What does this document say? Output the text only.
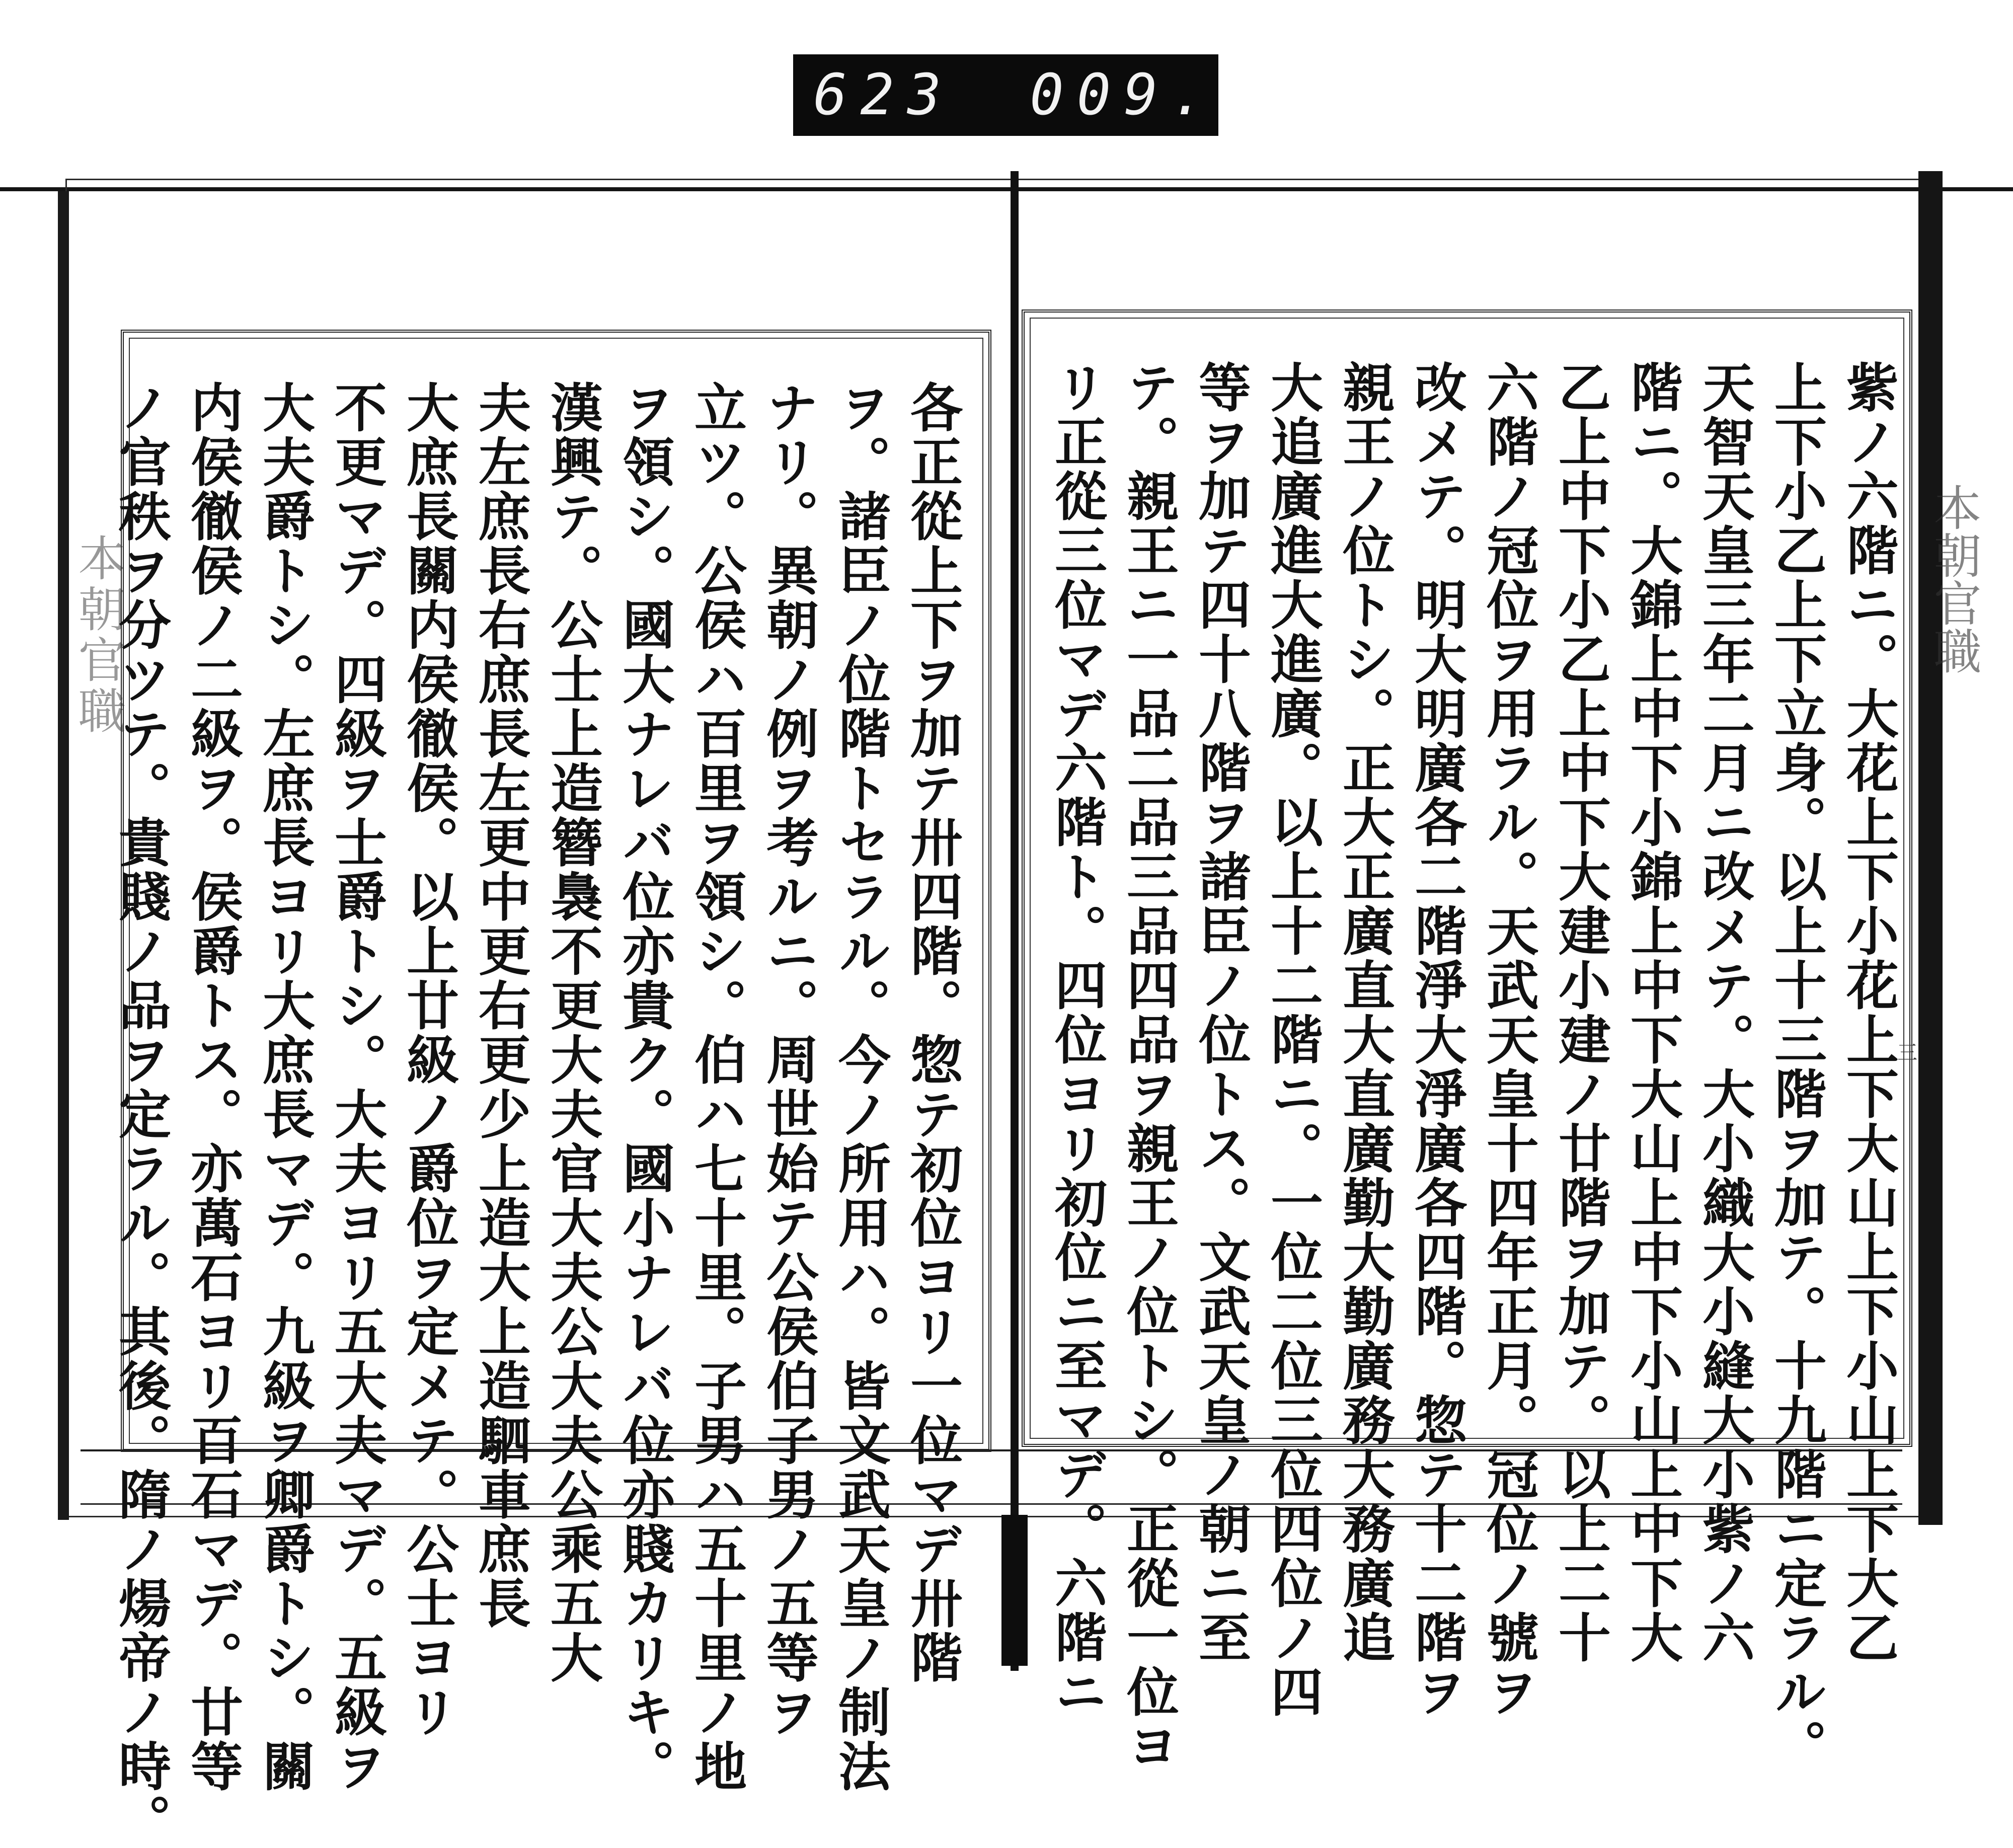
623 009.
本朝官職	各正從上下ヲ加テ卅四階。惣テ初位ヨリ一位マデ卅階
ヲ。諸臣ノ位階トセラル。今ノ所用ハ。皆文武天皇ノ制法
ナリ。異朝ノ例ヲ考ルニ。周世始テ公侯伯子男ノ五等ヲ
立ツ。公侯ハ百里ヲ領シ。伯ハ七十里。子男ハ五十里ノ地
ヲ領シ。國大ナレバ位亦貴ク。國小ナレバ位亦賤カリキ。
漢興テ。公士上造簪裊不更大夫官大夫公大夫公乘五大
夫左庶長右庶長左更中更右更少上造大上造駟車庶長
大庶長關内侯徹侯。以上廿級ノ爵位ヲ定メテ。公士ヨリ
不更マデ。四級ヲ士爵トシ。大夫ヨリ五大夫マデ。五級ヲ
大夫爵トシ。左庶長ヨリ大庶長マデ。九級ヲ卿爵トシ。關
内侯徹侯ノ二級ヲ。侯爵トス。亦萬石ヨリ百石マデ。廿等
ノ官秩ヲ分ツテ。貴賤ノ品ヲ定ラル。其後。隋ノ煬帝ノ時。	紫ノ六階ニ。大花上下小花上下大山上下小山上下大乙
上下小乙上下立身。以上十三階ヲ加テ。十九階ニ定ラル。
天智天皇三年二月ニ改メテ。大小織大小縫大小紫ノ六
階ニ。大錦上中下小錦上中下大山上中下小山上中下大
乙上中下小乙上中下大建小建ノ廿階ヲ加テ。以上二十
六階ノ冠位ヲ用ラル。天武天皇十四年正月。冠位ノ號ヲ
改メテ。明大明廣各二階淨大淨廣各四階。惣テ十二階ヲ
親王ノ位トシ。正大正廣直大直廣勤大勤廣務大務廣追
大追廣進大進廣。以上十二階ニ。一位二位三位四位ノ四
等ヲ加テ四十八階ヲ諸臣ノ位トス。文武天皇ノ朝ニ至
テ。親王ニ一品二品三品四品ヲ親王ノ位トシ。正從一位ヨ
リ正從三位マデ六階ト。四位ヨリ初位ニ至マデ。六階ニ	本朝官職
三
